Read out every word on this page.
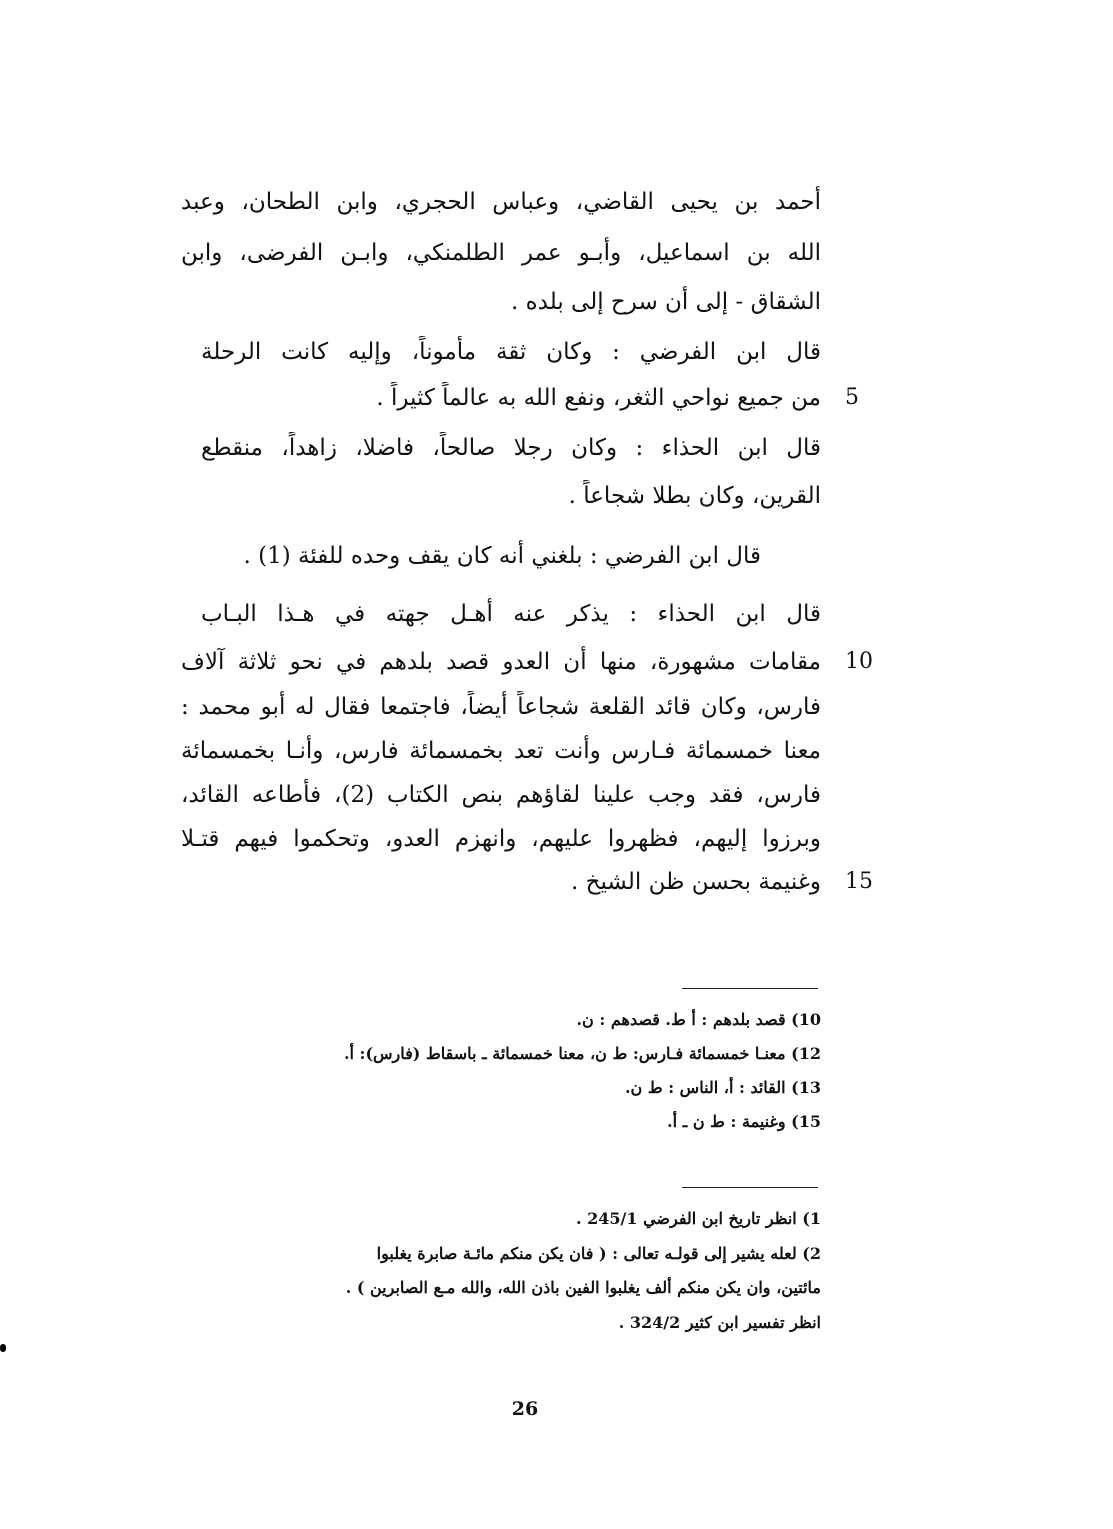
أحمد بن يحيى القاضي، وعباس الحجري، وابن الطحان، وعبد
الله بن اسماعيل، وأبـو عمر الطلمنكي، وابـن الفرضى، وابن
الشقاق - إلى أن سرح إلى بلده .
قال ابن الفرضي : وكان ثقة مأموناً، وإليه كانت الرحلة
من جميع نواحي الثغر، ونفع الله به عالماً كثيراً . 5
قال ابن الحذاء : وكان رجلا صالحاً، فاضلا، زاهداً، منقطع
القرين، وكان بطلا شجاعاً .
قال ابن الفرضي : بلغني أنه كان يقف وحده للفئة (1) .
قال ابن الحذاء : يذكر عنه أهـل جهته في هـذا البـاب
مقامات مشهورة، منها أن العدو قصد بلدهم في نحو ثلاثة آلاف 10
فارس، وكان قائد القلعة شجاعاً أيضاً، فاجتمعا فقال له أبو محمد :
معنا خمسمائة فـارس وأنت تعد بخمسمائة فارس، وأنـا بخمسمائة
فارس، فقد وجب علينا لقاؤهم بنص الكتاب (2)، فأطاعه القائد،
وبرزوا إليهم، فظهروا عليهم، وانهزم العدو، وتحكموا فيهم قتـلا
وغنيمة بحسن ظن الشيخ . 15
10) قصد بلدهم : أ ط. قصدهم : ن.
12) معنـا خمسمائة فـارس: ط ن، معنا خمسمائة ـ باسقاط (فارس): أ.
13) القائد : أ، الناس : ط ن.
15) وغنيمة : ط ن ـ أ.
1) انظر تاريخ ابن الفرضي 245/1 .
2) لعله يشير إلى قولـه تعالى : ( فان يكن منكم مائـة صابرة يغلبوا
مائتين، وان يكن منكم ألف يغلبوا الفين باذن الله، والله مـع الصابرين ) .
انظر تفسير ابن كثير 324/2 .
26
